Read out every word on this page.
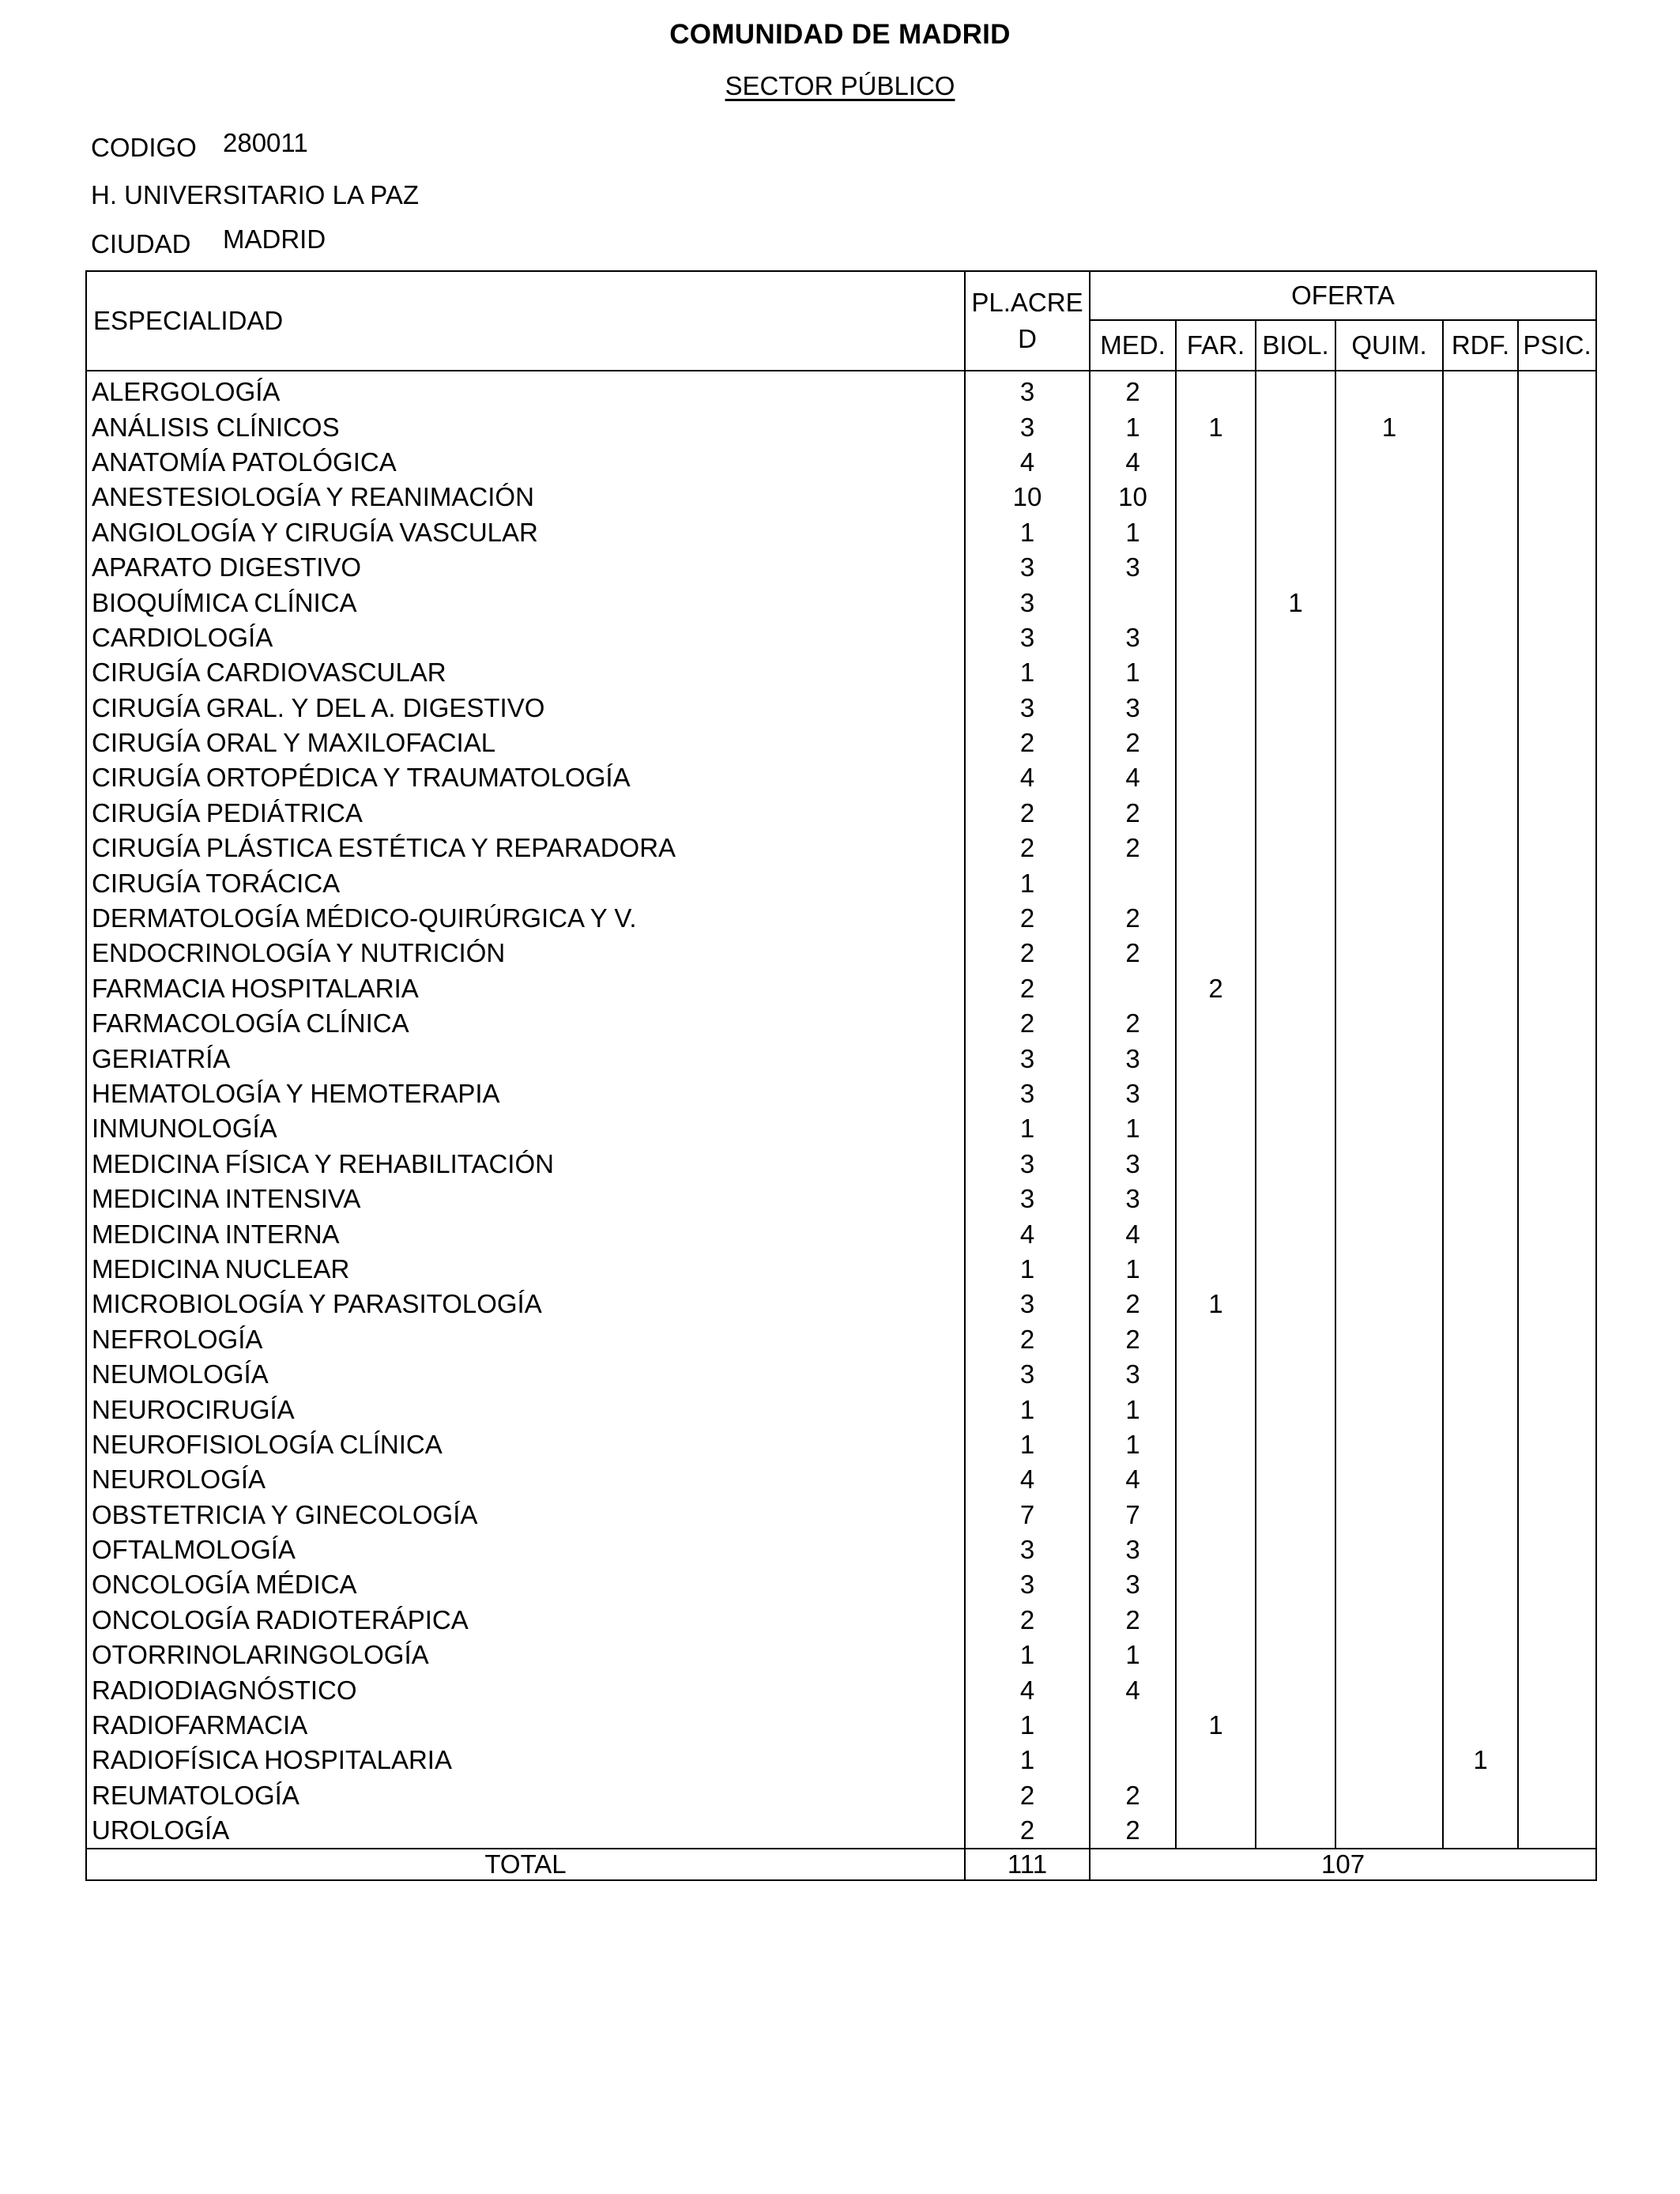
COMUNIDAD DE MADRID
SECTOR PÚBLICO
CODIGO 280011
H. UNIVERSITARIO LA PAZ
CIUDAD MADRID
ESPECIALIDAD	PL.ACRE D	OFERTA					
		MED.	FAR.	BIOL.	QUIM.	RDF.	PSIC.
ALERGOLOGÍA	3	2					
ANÁLISIS CLÍNICOS	3	1	1		1		
ANATOMÍA PATOLÓGICA	4	4					
ANESTESIOLOGÍA Y REANIMACIÓN	10	10					
ANGIOLOGÍA Y CIRUGÍA VASCULAR	1	1					
APARATO DIGESTIVO	3	3					
BIOQUÍMICA CLÍNICA	3			1			
CARDIOLOGÍA	3	3					
CIRUGÍA CARDIOVASCULAR	1	1					
CIRUGÍA GRAL. Y DEL A. DIGESTIVO	3	3					
CIRUGÍA ORAL Y MAXILOFACIAL	2	2					
CIRUGÍA ORTOPÉDICA Y TRAUMATOLOGÍA	4	4					
CIRUGÍA PEDIÁTRICA	2	2					
CIRUGÍA PLÁSTICA ESTÉTICA Y REPARADORA	2	2					
CIRUGÍA TORÁCICA	1						
DERMATOLOGÍA MÉDICO-QUIRÚRGICA Y V.	2	2					
ENDOCRINOLOGÍA Y NUTRICIÓN	2	2					
FARMACIA HOSPITALARIA	2		2				
FARMACOLOGÍA CLÍNICA	2	2					
GERIATRÍA	3	3					
HEMATOLOGÍA Y HEMOTERAPIA	3	3					
INMUNOLOGÍA	1	1					
MEDICINA FÍSICA Y REHABILITACIÓN	3	3					
MEDICINA INTENSIVA	3	3					
MEDICINA INTERNA	4	4					
MEDICINA NUCLEAR	1	1					
MICROBIOLOGÍA Y PARASITOLOGÍA	3	2	1				
NEFROLOGÍA	2	2					
NEUMOLOGÍA	3	3					
NEUROCIRUGÍA	1	1					
NEUROFISIOLOGÍA CLÍNICA	1	1					
NEUROLOGÍA	4	4					
OBSTETRICIA Y GINECOLOGÍA	7	7					
OFTALMOLOGÍA	3	3					
ONCOLOGÍA MÉDICA	3	3					
ONCOLOGÍA RADIOTERÁPICA	2	2					
OTORRINOLARINGOLOGÍA	1	1					
RADIODIAGNÓSTICO	4	4					
RADIOFARMACIA	1		1				
RADIOFÍSICA HOSPITALARIA	1					1	
REUMATOLOGÍA	2	2					
UROLOGÍA	2	2					
TOTAL	111	107					
